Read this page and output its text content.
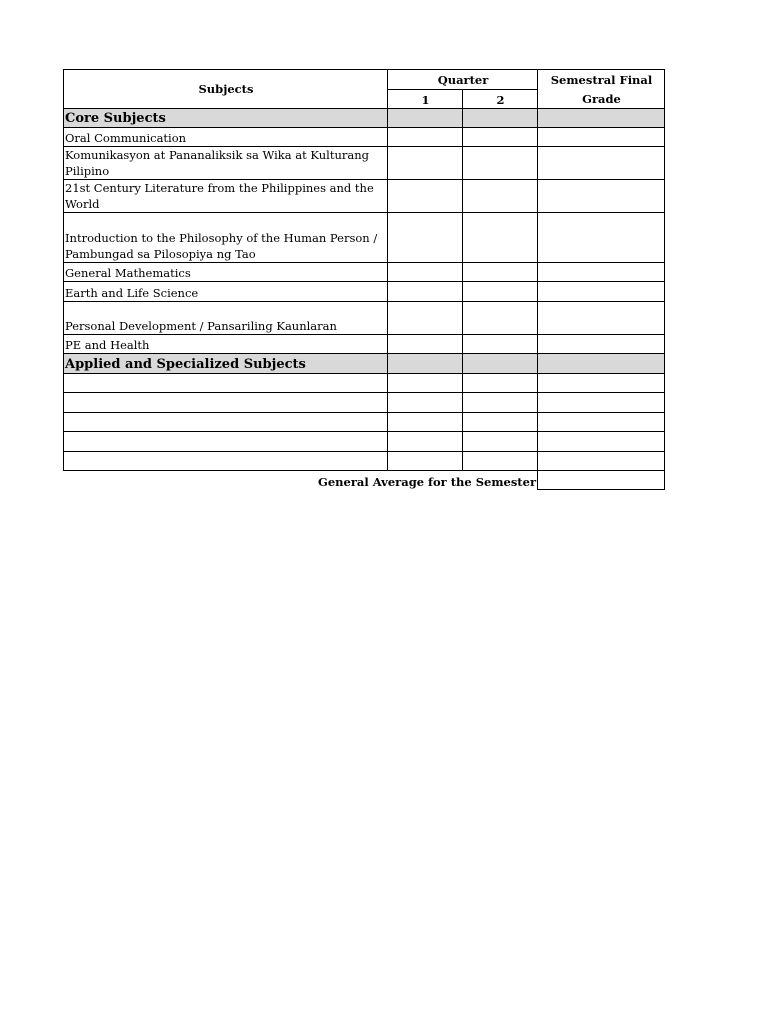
Subjects	Quarter		Semestral Final
Grade

	1	2	
Core Subjects			

Oral Communication			

Komunikasyon at Pananaliksik sa Wika at Kulturang
Pilipino			

21st Century Literature from the Philippines and the
World			

Introduction to the Philosophy of the Human Person /
Pambungad sa Pilosopiya ng Tao			

General Mathematics			

Earth and Life Science			

Personal Development / Pansariling Kaunlaran			

PE and Health			

Applied and Specialized Subjects			

General Average for the Semester			
